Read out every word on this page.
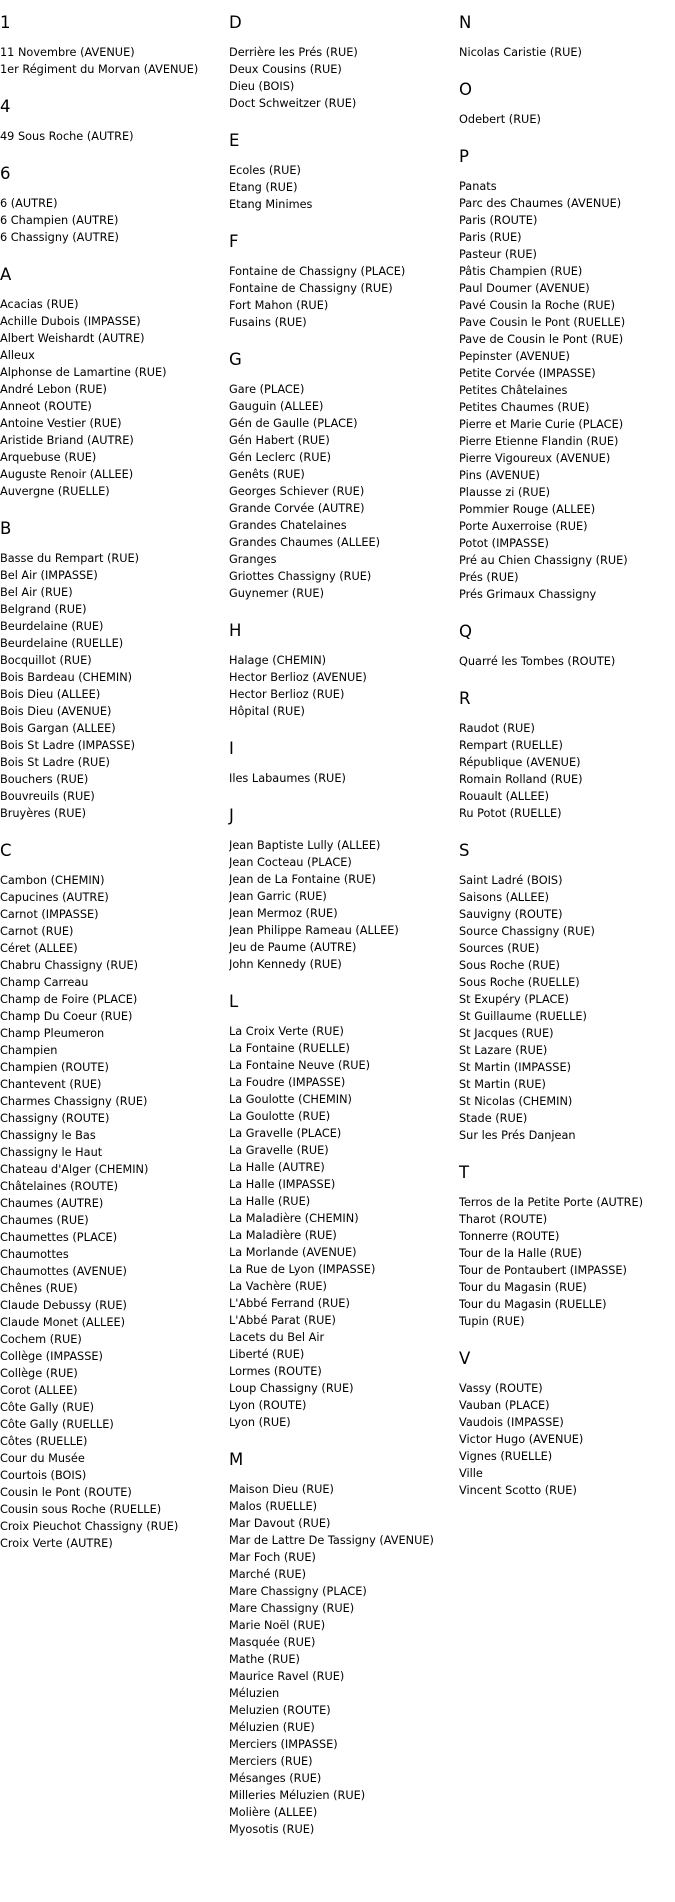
1
11 Novembre (AVENUE)
1er Régiment du Morvan (AVENUE)
4
49 Sous Roche (AUTRE)
6
6 (AUTRE)
6 Champien (AUTRE)
6 Chassigny (AUTRE)
A
Acacias (RUE)
Achille Dubois (IMPASSE)
Albert Weishardt (AUTRE)
Alleux
Alphonse de Lamartine (RUE)
André Lebon (RUE)
Anneot (ROUTE)
Antoine Vestier (RUE)
Aristide Briand (AUTRE)
Arquebuse (RUE)
Auguste Renoir (ALLEE)
Auvergne (RUELLE)
B
Basse du Rempart (RUE)
Bel Air (IMPASSE)
Bel Air (RUE)
Belgrand (RUE)
Beurdelaine (RUE)
Beurdelaine (RUELLE)
Bocquillot (RUE)
Bois Bardeau (CHEMIN)
Bois Dieu (ALLEE)
Bois Dieu (AVENUE)
Bois Gargan (ALLEE)
Bois St Ladre (IMPASSE)
Bois St Ladre (RUE)
Bouchers (RUE)
Bouvreuils (RUE)
Bruyères (RUE)
C
Cambon (CHEMIN)
Capucines (AUTRE)
Carnot (IMPASSE)
Carnot (RUE)
Céret (ALLEE)
Chabru Chassigny (RUE)
Champ Carreau
Champ de Foire (PLACE)
Champ Du Coeur (RUE)
Champ Pleumeron
Champien
Champien (ROUTE)
Chantevent (RUE)
Charmes Chassigny (RUE)
Chassigny (ROUTE)
Chassigny le Bas
Chassigny le Haut
Chateau d'Alger (CHEMIN)
Châtelaines (ROUTE)
Chaumes (AUTRE)
Chaumes (RUE)
Chaumettes (PLACE)
Chaumottes
Chaumottes (AVENUE)
Chênes (RUE)
Claude Debussy (RUE)
Claude Monet (ALLEE)
Cochem (RUE)
Collège (IMPASSE)
Collège (RUE)
Corot (ALLEE)
Côte Gally (RUE)
Côte Gally (RUELLE)
Côtes (RUELLE)
Cour du Musée
Courtois (BOIS)
Cousin le Pont (ROUTE)
Cousin sous Roche (RUELLE)
Croix Pieuchot Chassigny (RUE)
Croix Verte (AUTRE)
D
Derrière les Prés (RUE)
Deux Cousins (RUE)
Dieu (BOIS)
Doct Schweitzer (RUE)
E
Ecoles (RUE)
Etang (RUE)
Etang Minimes
F
Fontaine de Chassigny (PLACE)
Fontaine de Chassigny (RUE)
Fort Mahon (RUE)
Fusains (RUE)
G
Gare (PLACE)
Gauguin (ALLEE)
Gén de Gaulle (PLACE)
Gén Habert (RUE)
Gén Leclerc (RUE)
Genêts (RUE)
Georges Schiever (RUE)
Grande Corvée (AUTRE)
Grandes Chatelaines
Grandes Chaumes (ALLEE)
Granges
Griottes Chassigny (RUE)
Guynemer (RUE)
H
Halage (CHEMIN)
Hector Berlioz (AVENUE)
Hector Berlioz (RUE)
Hôpital (RUE)
I
Iles Labaumes (RUE)
J
Jean Baptiste Lully (ALLEE)
Jean Cocteau (PLACE)
Jean de La Fontaine (RUE)
Jean Garric (RUE)
Jean Mermoz (RUE)
Jean Philippe Rameau (ALLEE)
Jeu de Paume (AUTRE)
John Kennedy (RUE)
L
La Croix Verte (RUE)
La Fontaine (RUELLE)
La Fontaine Neuve (RUE)
La Foudre (IMPASSE)
La Goulotte (CHEMIN)
La Goulotte (RUE)
La Gravelle (PLACE)
La Gravelle (RUE)
La Halle (AUTRE)
La Halle (IMPASSE)
La Halle (RUE)
La Maladière (CHEMIN)
La Maladière (RUE)
La Morlande (AVENUE)
La Rue de Lyon (IMPASSE)
La Vachère (RUE)
L'Abbé Ferrand (RUE)
L'Abbé Parat (RUE)
Lacets du Bel Air
Liberté (RUE)
Lormes (ROUTE)
Loup Chassigny (RUE)
Lyon (ROUTE)
Lyon (RUE)
M
Maison Dieu (RUE)
Malos (RUELLE)
Mar Davout (RUE)
Mar de Lattre De Tassigny (AVENUE)
Mar Foch (RUE)
Marché (RUE)
Mare Chassigny (PLACE)
Mare Chassigny (RUE)
Marie Noël (RUE)
Masquée (RUE)
Mathe (RUE)
Maurice Ravel (RUE)
Méluzien
Meluzien (ROUTE)
Méluzien (RUE)
Merciers (IMPASSE)
Merciers (RUE)
Mésanges (RUE)
Milleries Méluzien (RUE)
Molière (ALLEE)
Myosotis (RUE)
N
Nicolas Caristie (RUE)
O
Odebert (RUE)
P
Panats
Parc des Chaumes (AVENUE)
Paris (ROUTE)
Paris (RUE)
Pasteur (RUE)
Pâtis Champien (RUE)
Paul Doumer (AVENUE)
Pavé Cousin la Roche (RUE)
Pave Cousin le Pont (RUELLE)
Pave de Cousin le Pont (RUE)
Pepinster (AVENUE)
Petite Corvée (IMPASSE)
Petites Châtelaines
Petites Chaumes (RUE)
Pierre et Marie Curie (PLACE)
Pierre Etienne Flandin (RUE)
Pierre Vigoureux (AVENUE)
Pins (AVENUE)
Plausse zi (RUE)
Pommier Rouge (ALLEE)
Porte Auxerroise (RUE)
Potot (IMPASSE)
Pré au Chien Chassigny (RUE)
Prés (RUE)
Prés Grimaux Chassigny
Q
Quarré les Tombes (ROUTE)
R
Raudot (RUE)
Rempart (RUELLE)
République (AVENUE)
Romain Rolland (RUE)
Rouault (ALLEE)
Ru Potot (RUELLE)
S
Saint Ladré (BOIS)
Saisons (ALLEE)
Sauvigny (ROUTE)
Source Chassigny (RUE)
Sources (RUE)
Sous Roche (RUE)
Sous Roche (RUELLE)
St Exupéry (PLACE)
St Guillaume (RUELLE)
St Jacques (RUE)
St Lazare (RUE)
St Martin (IMPASSE)
St Martin (RUE)
St Nicolas (CHEMIN)
Stade (RUE)
Sur les Prés Danjean
T
Terros de la Petite Porte (AUTRE)
Tharot (ROUTE)
Tonnerre (ROUTE)
Tour de la Halle (RUE)
Tour de Pontaubert (IMPASSE)
Tour du Magasin (RUE)
Tour du Magasin (RUELLE)
Tupin (RUE)
V
Vassy (ROUTE)
Vauban (PLACE)
Vaudois (IMPASSE)
Victor Hugo (AVENUE)
Vignes (RUELLE)
Ville
Vincent Scotto (RUE)
